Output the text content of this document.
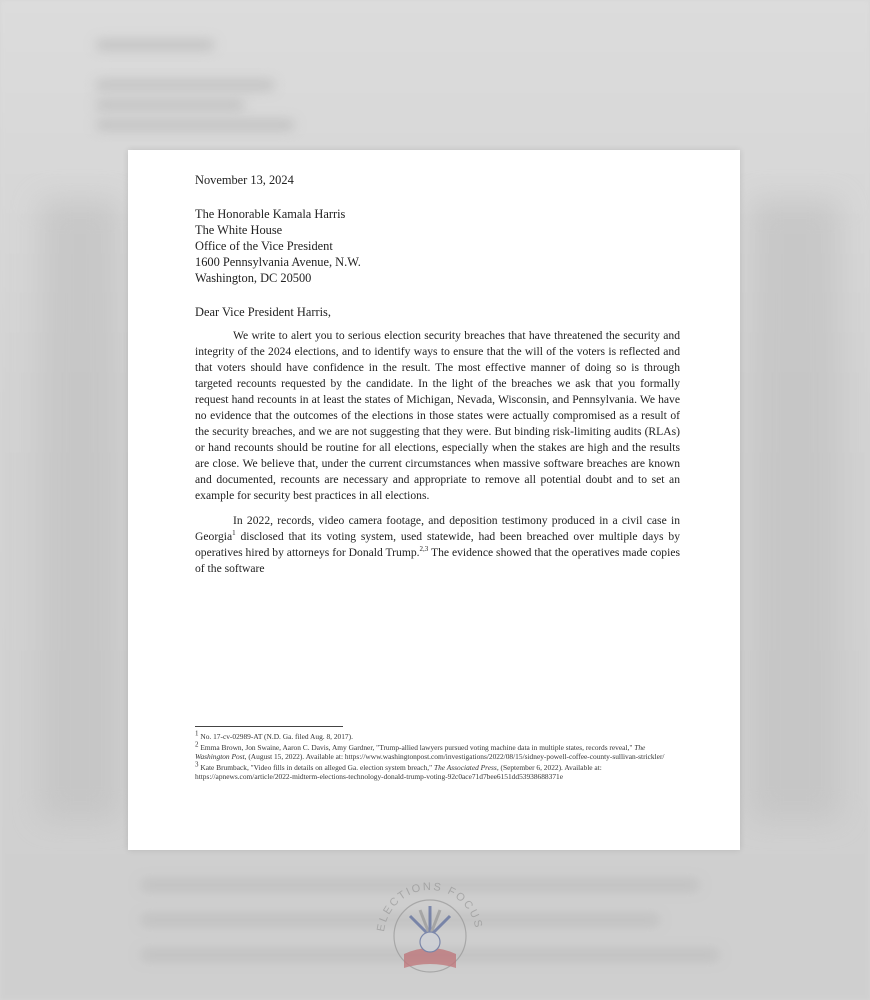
November 13, 2024
The Honorable Kamala Harris
The White House
Office of the Vice President
1600 Pennsylvania Avenue, N.W.
Washington, DC 20500
Dear Vice President Harris,

We write to alert you to serious election security breaches that have threatened the security and integrity of the 2024 elections, and to identify ways to ensure that the will of the voters is reflected and that voters should have confidence in the result. The most effective manner of doing so is through targeted recounts requested by the candidate. In the light of the breaches we ask that you formally request hand recounts in at least the states of Michigan, Nevada, Wisconsin, and Pennsylvania. We have no evidence that the outcomes of the elections in those states were actually compromised as a result of the security breaches, and we are not suggesting that they were. But binding risk-limiting audits (RLAs) or hand recounts should be routine for all elections, especially when the stakes are high and the results are close. We believe that, under the current circumstances when massive software breaches are known and documented, recounts are necessary and appropriate to remove all potential doubt and to set an example for security best practices in all elections.

In 2022, records, video camera footage, and deposition testimony produced in a civil case in Georgia$^1$ disclosed that its voting system, used statewide, had been breached over multiple days by operatives hired by attorneys for Donald Trump.$^{2,3}$ The evidence showed that the operatives made copies of the software

$^1$ No. 17-cv-02989-AT (N.D. Ga. filed Aug. 8, 2017).

$^2$ Emma Brown, Jon Swaine, Aaron C. Davis, Amy Gardner, "Trump-allied lawyers pursued voting machine data in multiple states, records reveal," The Washington Post, (August 15, 2022). Available at: https://www.washingtonpost.com/investigations/2022/08/15/sidney-powell-coffee-county-sullivan-strickler/

$^3$ Kate Brumback, "Video fills in details on alleged Ga. election system breach," The Associated Press, (September 6, 2022). Available at: https://apnews.com/article/2022-midterm-elections-technology-donald-trump-voting-92c0ace71d7bee6151dd53938688371e

ELECTIONS FOCUS
